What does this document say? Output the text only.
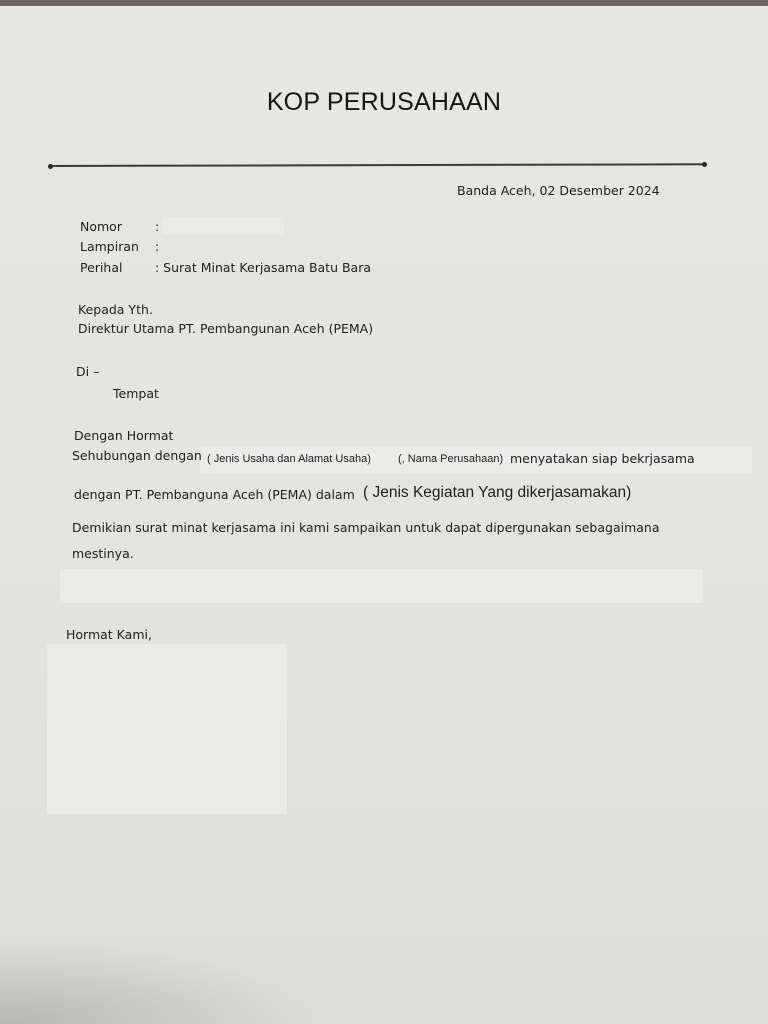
KOP PERUSAHAAN
Banda Aceh, 02 Desember 2024
Nomor	:
Lampiran :
Perihal	: Surat Minat Kerjasama Batu Bara
Kepada Yth.
Direktur Utama PT. Pembangunan Aceh (PEMA)
Di –
Tempat
Dengan Hormat
Sehubungan dengan ( Jenis Usaha dan Alamat Usaha) (, Nama Perusahaan) menyatakan siap bekrjasama
dengan PT. Pembanguna Aceh (PEMA) dalam ( Jenis Kegiatan Yang dikerjasamakan)
Demikian surat minat kerjasama ini kami sampaikan untuk dapat dipergunakan sebagaimana
mestinya.
Hormat Kami,
